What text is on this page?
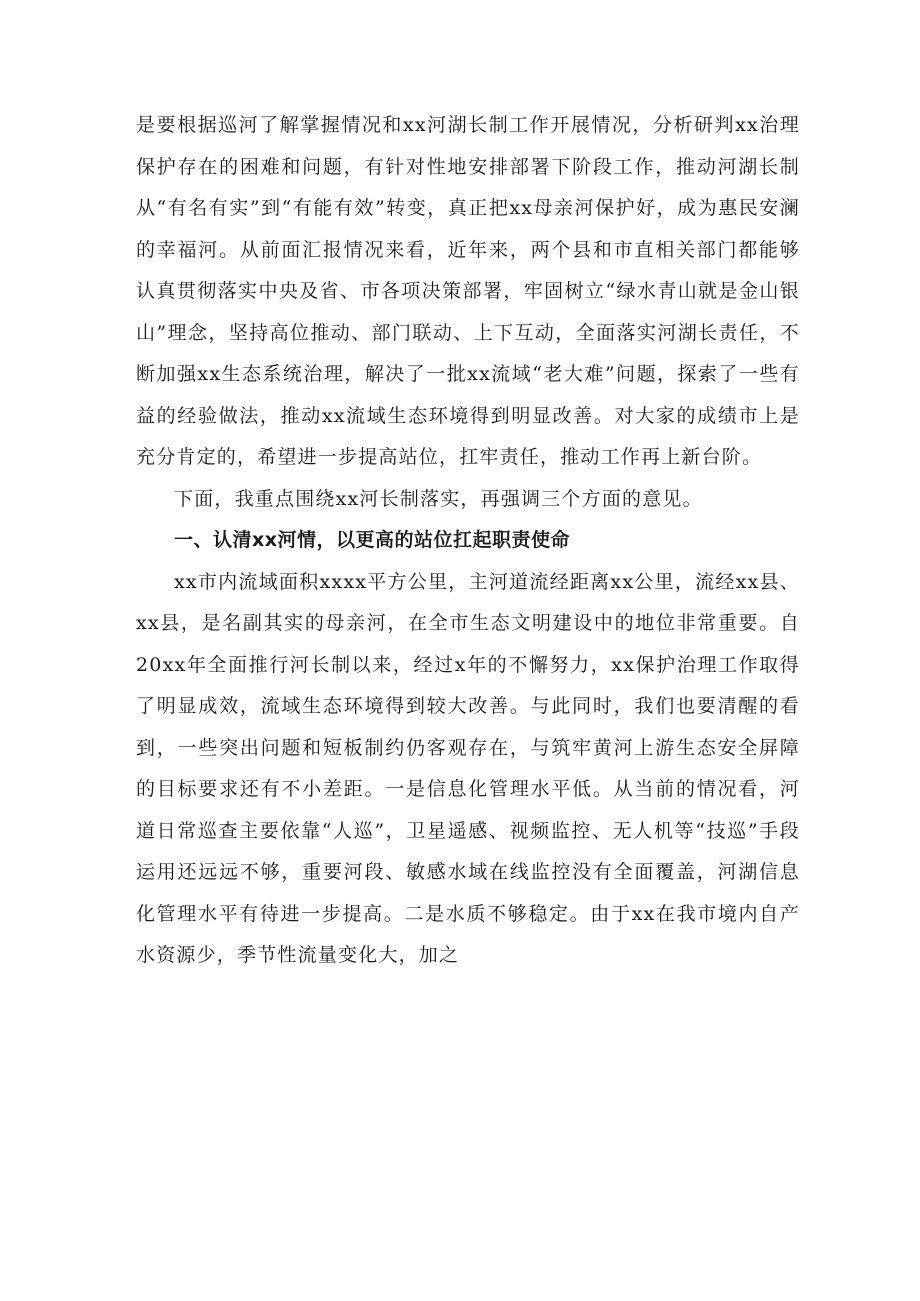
是要根据巡河了解掌握情况和xx河湖长制工作开展情况，分析研判xx治理保护存在的困难和问题，有针对性地安排部署下阶段工作，推动河湖长制从“有名有实”到“有能有效”转变，真正把xx母亲河保护好，成为惠民安澜的幸福河。从前面汇报情况来看，近年来，两个县和市直相关部门都能够认真贯彻落实中央及省、市各项决策部署，牢固树立“绿水青山就是金山银山”理念，坚持高位推动、部门联动、上下互动，全面落实河湖长责任，不断加强xx生态系统治理，解决了一批xx流域“老大难”问题，探索了一些有益的经验做法，推动xx流域生态环境得到明显改善。对大家的成绩市上是充分肯定的，希望进一步提高站位，扛牢责任，推动工作再上新台阶。

下面，我重点围绕xx河长制落实，再强调三个方面的意见。

一、认清xx河情，以更高的站位扛起职责使命

xx市内流域面积xxxx平方公里，主河道流经距离xx公里，流经xx县、xx县，是名副其实的母亲河，在全市生态文明建设中的地位非常重要。自20xx年全面推行河长制以来，经过x年的不懈努力，xx保护治理工作取得了明显成效，流域生态环境得到较大改善。与此同时，我们也要清醒的看到，一些突出问题和短板制约仍客观存在，与筑牢黄河上游生态安全屏障的目标要求还有不小差距。一是信息化管理水平低。从当前的情况看，河道日常巡查主要依靠“人巡”，卫星遥感、视频监控、无人机等“技巡”手段运用还远远不够，重要河段、敏感水域在线监控没有全面覆盖，河湖信息化管理水平有待进一步提高。二是水质不够稳定。由于xx在我市境内自产水资源少，季节性流量变化大，加之
